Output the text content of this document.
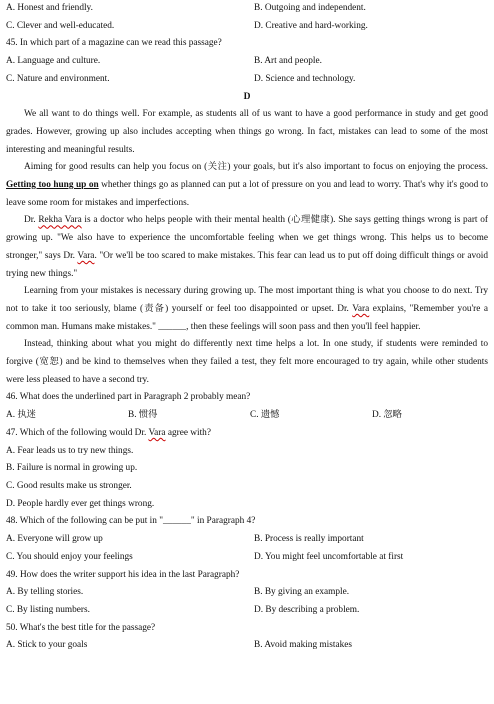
A. Honest and friendly.	B. Outgoing and independent.
C. Clever and well-educated.	D. Creative and hard-working.
45. In which part of a magazine can we read this passage?
A. Language and culture.	B. Art and people.
C. Nature and environment.	D. Science and technology.
D
We all want to do things well. For example, as students all of us want to have a good performance in study and get good grades. However, growing up also includes accepting when things go wrong. In fact, mistakes can lead to some of the most interesting and meaningful results.
Aiming for good results can help you focus on (关注) your goals, but it's also important to focus on enjoying the process. Getting too hung up on whether things go as planned can put a lot of pressure on you and lead to worry. That's why it's good to leave some room for mistakes and imperfections.
Dr. Rekha Vara is a doctor who helps people with their mental health (心理健康). She says getting things wrong is part of growing up. "We also have to experience the uncomfortable feeling when we get things wrong. This helps us to become stronger," says Dr. Vara. "Or we'll be too scared to make mistakes. This fear can lead us to put off doing difficult things or avoid trying new things."
Learning from your mistakes is necessary during growing up. The most important thing is what you choose to do next. Try not to take it too seriously, blame (责备) yourself or feel too disappointed or upset. Dr. Vara explains, "Remember you're a common man. Humans make mistakes." ______, then these feelings will soon pass and then you'll feel happier.
Instead, thinking about what you might do differently next time helps a lot. In one study, if students were reminded to forgive (宽恕) and be kind to themselves when they failed a test, they felt more encouraged to try again, while other students were less pleased to have a second try.
46. What does the underlined part in Paragraph 2 probably mean?
A. 执迷	B. 惯得	C. 遗憾	D. 忽略
47. Which of the following would Dr. Vara agree with?
A. Fear leads us to try new things.
B. Failure is normal in growing up.
C. Good results make us stronger.
D. People hardly ever get things wrong.
48. Which of the following can be put in "______" in Paragraph 4?
A. Everyone will grow up	B. Process is really important
C. You should enjoy your feelings	D. You might feel uncomfortable at first
49. How does the writer support his idea in the last Paragraph?
A. By telling stories.	B. By giving an example.
C. By listing numbers.	D. By describing a problem.
50. What's the best title for the passage?
A. Stick to your goals	B. Avoid making mistakes
